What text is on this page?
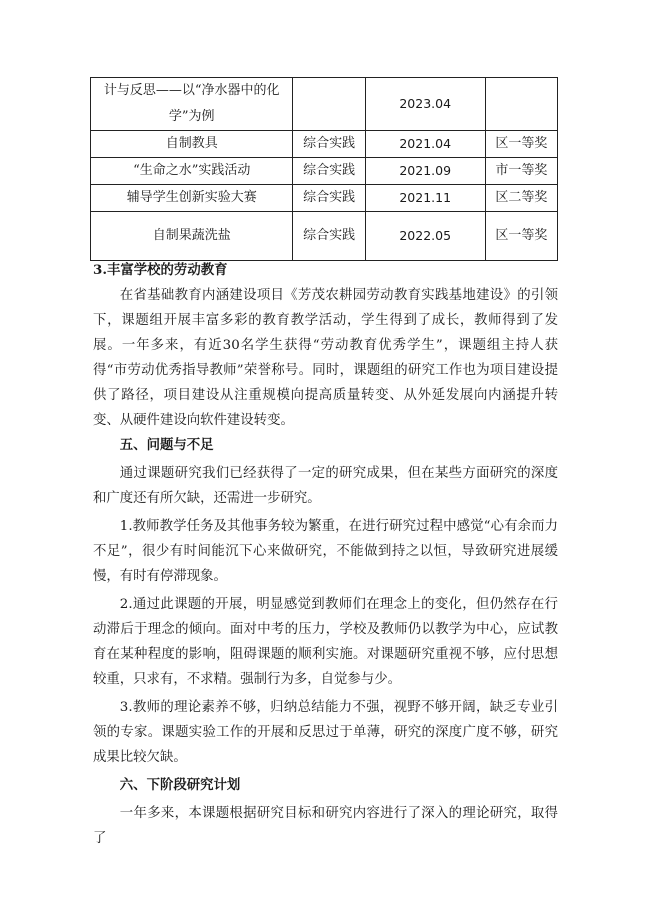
计与反思——以“净水器中的化
学”为例		2023.04	
自制教具	综合实践	2021.04	区一等奖
“生命之水”实践活动	综合实践	2021.09	市一等奖
辅导学生创新实验大赛	综合实践	2021.11	区二等奖
自制果蔬洗盐	综合实践	2022.05	区一等奖

3.丰富学校的劳动教育

在省基础教育内涵建设项目《芳茂农耕园劳动教育实践基地建设》的引领下，课题组开展丰富多彩的教育教学活动，学生得到了成长，教师得到了发展。一年多来，有近30名学生获得“劳动教育优秀学生”，课题组主持人获得“市劳动优秀指导教师”荣誉称号。同时，课题组的研究工作也为项目建设提供了路径，项目建设从注重规模向提高质量转变、从外延发展向内涵提升转变、从硬件建设向软件建设转变。

五、问题与不足

通过课题研究我们已经获得了一定的研究成果，但在某些方面研究的深度和广度还有所欠缺，还需进一步研究。

1.教师教学任务及其他事务较为繁重，在进行研究过程中感觉“心有余而力不足”，很少有时间能沉下心来做研究，不能做到持之以恒，导致研究进展缓慢，有时有停滞现象。

2.通过此课题的开展，明显感觉到教师们在理念上的变化，但仍然存在行动滞后于理念的倾向。面对中考的压力，学校及教师仍以教学为中心，应试教育在某种程度的影响，阻碍课题的顺利实施。对课题研究重视不够，应付思想较重，只求有，不求精。强制行为多，自觉参与少。

3.教师的理论素养不够，归纳总结能力不强，视野不够开阔，缺乏专业引领的专家。课题实验工作的开展和反思过于单薄，研究的深度广度不够，研究成果比较欠缺。

六、下阶段研究计划

一年多来，本课题根据研究目标和研究内容进行了深入的理论研究，取得了
